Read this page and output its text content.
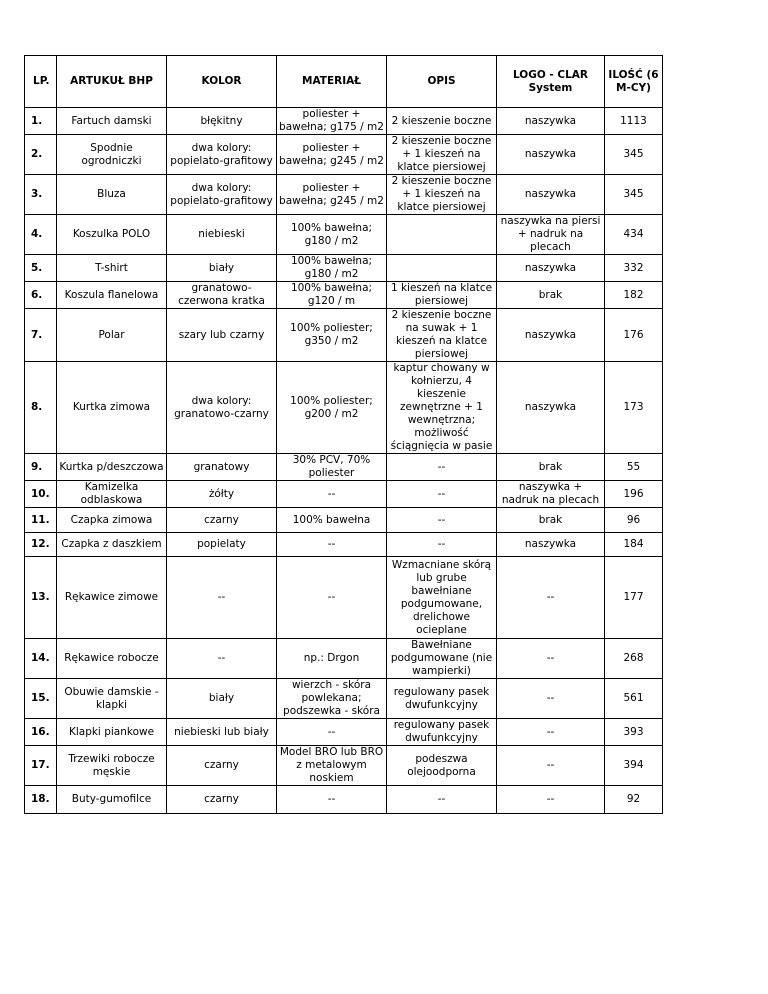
LP.	ARTUKUŁ BHP	KOLOR	MATERIAŁ	OPIS	LOGO - CLAR System	ILOŚĆ (6 M-CY)
1.	Fartuch damski	błękitny	poliester + bawełna; g175 / m2	2 kieszenie boczne	naszywka	1113
2.	Spodnie ogrodniczki	dwa kolory: popielato-grafitowy	poliester + bawełna; g245 / m2	2 kieszenie boczne + 1 kieszeń na klatce piersiowej	naszywka	345
3.	Bluza	dwa kolory: popielato-grafitowy	poliester + bawełna; g245 / m2	2 kieszenie boczne + 1 kieszeń na klatce piersiowej	naszywka	345
4.	Koszulka POLO	niebieski	100% bawełna; g180 / m2		naszywka na piersi + nadruk na plecach	434
5.	T-shirt	biały	100% bawełna; g180 / m2		naszywka	332
6.	Koszula flanelowa	granatowo-czerwona kratka	100% bawełna; g120 / m	1 kieszeń na klatce piersiowej	brak	182
7.	Polar	szary lub czarny	100% poliester; g350 / m2	2 kieszenie boczne na suwak + 1 kieszeń na klatce piersiowej	naszywka	176
8.	Kurtka zimowa	dwa kolory: granatowo-czarny	100% poliester; g200 / m2	kaptur chowany w kołnierzu, 4 kieszenie zewnętrzne + 1 wewnętrzna; możliwość ściągnięcia w pasie	naszywka	173
9.	Kurtka p/deszczowa	granatowy	30% PCV, 70% poliester	--	brak	55
10.	Kamizelka odblaskowa	żółty	--	--	naszywka + nadruk na plecach	196
11.	Czapka zimowa	czarny	100% bawełna	--	brak	96
12.	Czapka z daszkiem	popielaty	--	--	naszywka	184
13.	Rękawice zimowe	--	--	Wzmacniane skórą lub grube bawełniane podgumowane, drelichowe ocieplane	--	177
14.	Rękawice robocze	--	np.: Drgon	Bawełniane podgumowane (nie wampierki)	--	268
15.	Obuwie damskie - klapki	biały	wierzch - skóra powlekana; podszewka - skóra	regulowany pasek dwufunkcyjny	--	561
16.	Klapki piankowe	niebieski lub biały	--	regulowany pasek dwufunkcyjny	--	393
17.	Trzewiki robocze męskie	czarny	Model BRO lub BRO z metalowym noskiem	podeszwa olejoodporna	--	394
18.	Buty-gumofilce	czarny	--	--	--	92
